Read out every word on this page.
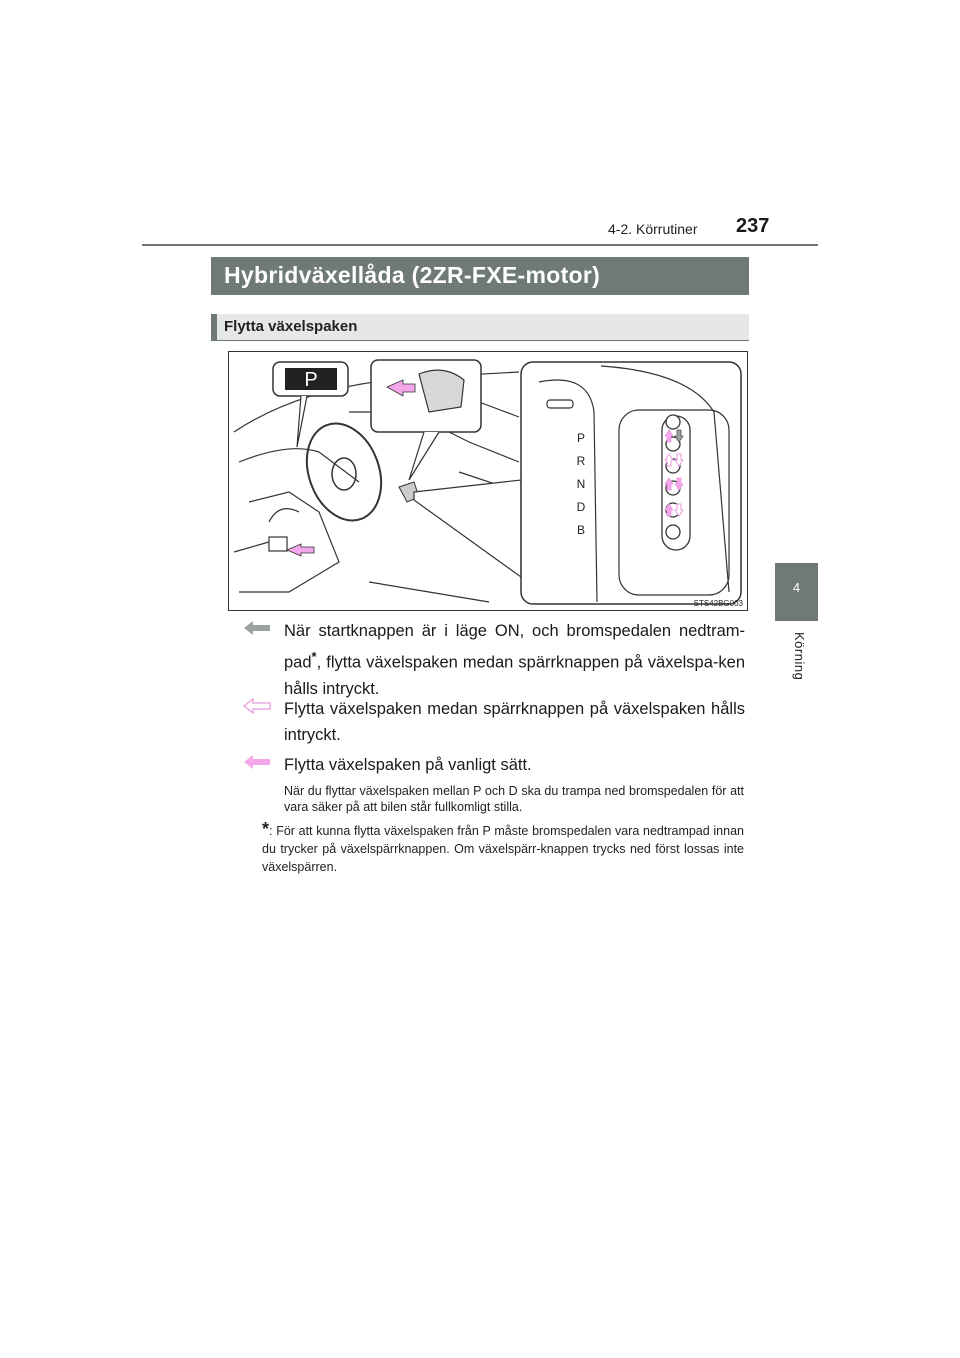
4-2. Körrutiner 237
4
Körning
Hybridväxellåda (2ZR-FXE-motor)
Flytta växelspaken
P
P
R
N
D
B
STS42BG003
När startknappen är i läge ON, och bromspedalen nedtram-pad*, flytta växelspaken medan spärrknappen på växelspa-ken hålls intryckt.
Flytta växelspaken medan spärrknappen på växelspaken hålls intryckt.
Flytta växelspaken på vanligt sätt.
När du flyttar växelspaken mellan P och D ska du trampa ned bromspedalen för att vara säker på att bilen står fullkomligt stilla.
*: För att kunna flytta växelspaken från P måste bromspedalen vara nedtrampad innan du trycker på växelspärrknappen. Om växelspärr-knappen trycks ned först lossas inte växelspärren.
